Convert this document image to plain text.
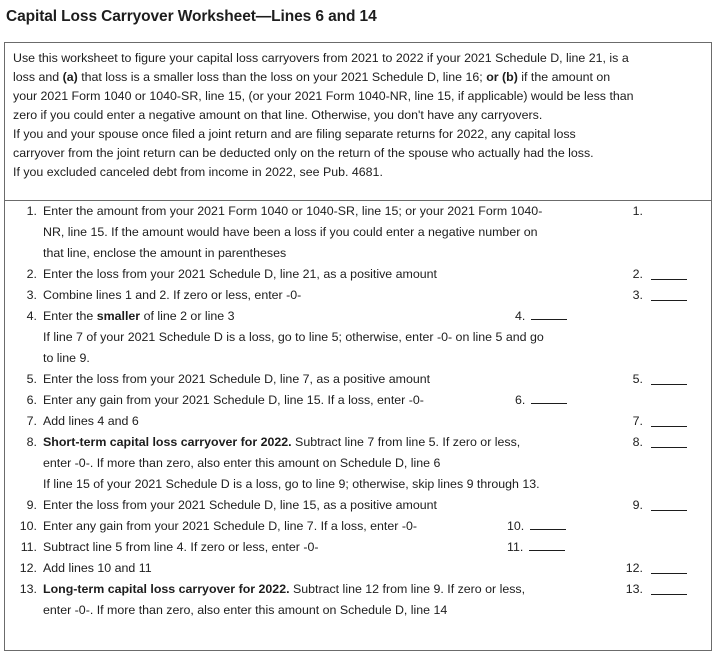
Capital Loss Carryover Worksheet—Lines 6 and 14

Use this worksheet to figure your capital loss carryovers from 2021 to 2022 if your 2021 Schedule D, line 21, is a
loss and (a) that loss is a smaller loss than the loss on your 2021 Schedule D, line 16; or (b) if the amount on
your 2021 Form 1040 or 1040-SR, line 15, (or your 2021 Form 1040-NR, line 15, if applicable) would be less than
zero if you could enter a negative amount on that line. Otherwise, you don't have any carryovers.

If you and your spouse once filed a joint return and are filing separate returns for 2022, any capital loss
carryover from the joint return can be deducted only on the return of the spouse who actually had the loss.

If you excluded canceled debt from income in 2022, see Pub. 4681.

1. Enter the amount from your 2021 Form 1040 or 1040-SR, line 15; or your 2021 Form 1040-	1.
NR, line 15. If the amount would have been a loss if you could enter a negative number on
that line, enclose the amount in parentheses
2. Enter the loss from your 2021 Schedule D, line 21, as a positive amount	2.
3. Combine lines 1 and 2. If zero or less, enter -0-	3.
4. Enter the smaller of line 2 or line 3	4.
If line 7 of your 2021 Schedule D is a loss, go to line 5; otherwise, enter -0- on line 5 and go
to line 9.
5. Enter the loss from your 2021 Schedule D, line 7, as a positive amount	5.
6. Enter any gain from your 2021 Schedule D, line 15. If a loss, enter -0-	6.
7. Add lines 4 and 6	7.
8. Short-term capital loss carryover for 2022. Subtract line 7 from line 5. If zero or less,	8.
enter -0-. If more than zero, also enter this amount on Schedule D, line 6
If line 15 of your 2021 Schedule D is a loss, go to line 9; otherwise, skip lines 9 through 13.
9. Enter the loss from your 2021 Schedule D, line 15, as a positive amount	9.
10. Enter any gain from your 2021 Schedule D, line 7. If a loss, enter -0-	10.
11. Subtract line 5 from line 4. If zero or less, enter -0-	11.
12. Add lines 10 and 11	12.
13. Long-term capital loss carryover for 2022. Subtract line 12 from line 9. If zero or less,	13.
enter -0-. If more than zero, also enter this amount on Schedule D, line 14
